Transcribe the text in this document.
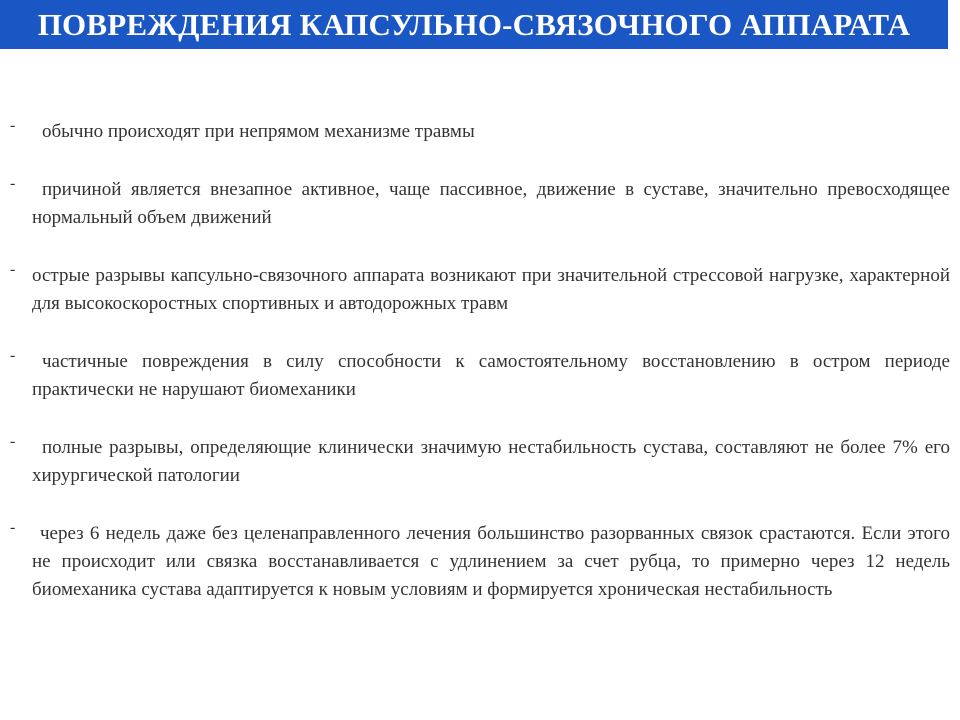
ПОВРЕЖДЕНИЯ КАПСУЛЬНО-СВЯЗОЧНОГО АППАРАТА
- обычно происходят при непрямом механизме травмы
- причиной является внезапное активное, чаще пассивное, движение в суставе, значительно превосходящее нормальный объем движений
- острые разрывы капсульно-связочного аппарата возникают при значительной стрессовой нагрузке, характерной для высокоскоростных спортивных и автодорожных травм
- частичные повреждения в силу способности к самостоятельному восстановлению в остром периоде практически не нарушают биомеханики
- полные разрывы, определяющие клинически значимую нестабильность сустава, составляют не более 7% его хирургической патологии
- через 6 недель даже без целенаправленного лечения большинство разорванных связок срастаются. Если этого не происходит или связка восстанавливается с удлинением за счет рубца, то примерно через 12 недель биомеханика сустава адаптируется к новым условиям и формируется хроническая нестабильность
